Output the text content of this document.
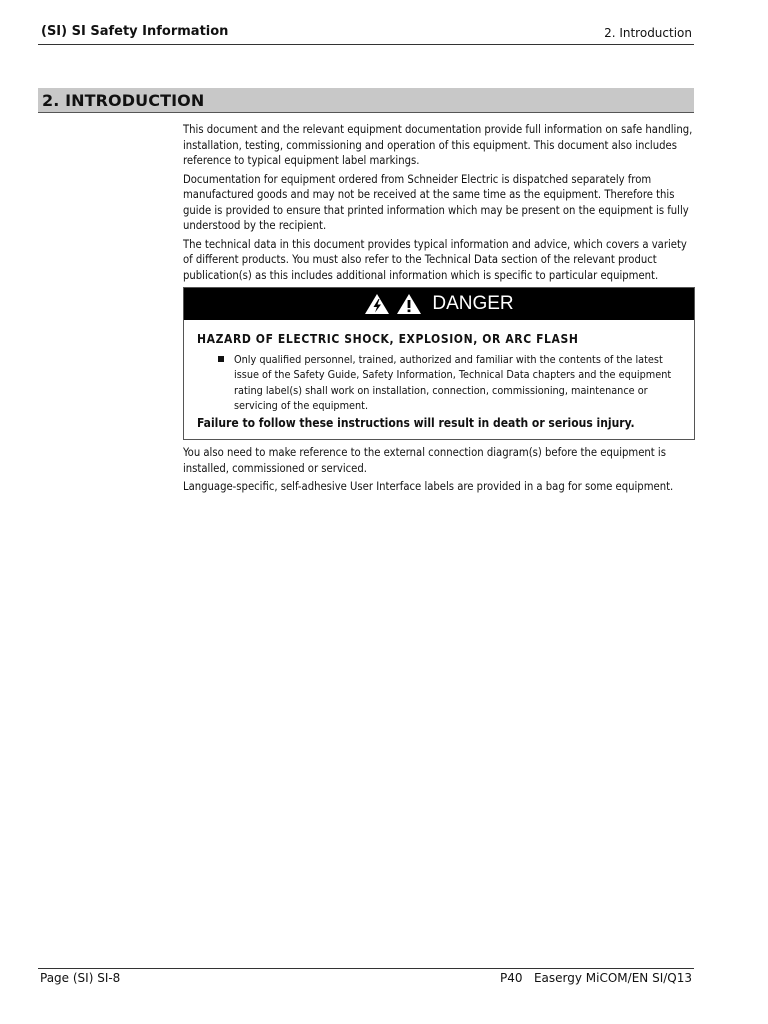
(SI) SI Safety Information	2. Introduction
2. INTRODUCTION

This document and the relevant equipment documentation provide full information on safe handling, installation, testing, commissioning and operation of this equipment. This document also includes reference to typical equipment label markings.

Documentation for equipment ordered from Schneider Electric is dispatched separately from manufactured goods and may not be received at the same time as the equipment. Therefore this guide is provided to ensure that printed information which may be present on the equipment is fully understood by the recipient.

The technical data in this document provides typical information and advice, which covers a variety of different products. You must also refer to the Technical Data section of the relevant product publication(s) as this includes additional information which is specific to particular equipment.

DANGER
HAZARD OF ELECTRIC SHOCK, EXPLOSION, OR ARC FLASH
Only qualified personnel, trained, authorized and familiar with the contents of the latest issue of the Safety Guide, Safety Information, Technical Data chapters and the equipment rating label(s) shall work on installation, connection, commissioning, maintenance or servicing of the equipment.
Failure to follow these instructions will result in death or serious injury.

You also need to make reference to the external connection diagram(s) before the equipment is installed, commissioned or serviced.

Language-specific, self-adhesive User Interface labels are provided in a bag for some equipment.

Page (SI) SI-8	P40   Easergy MiCOM/EN SI/Q13
